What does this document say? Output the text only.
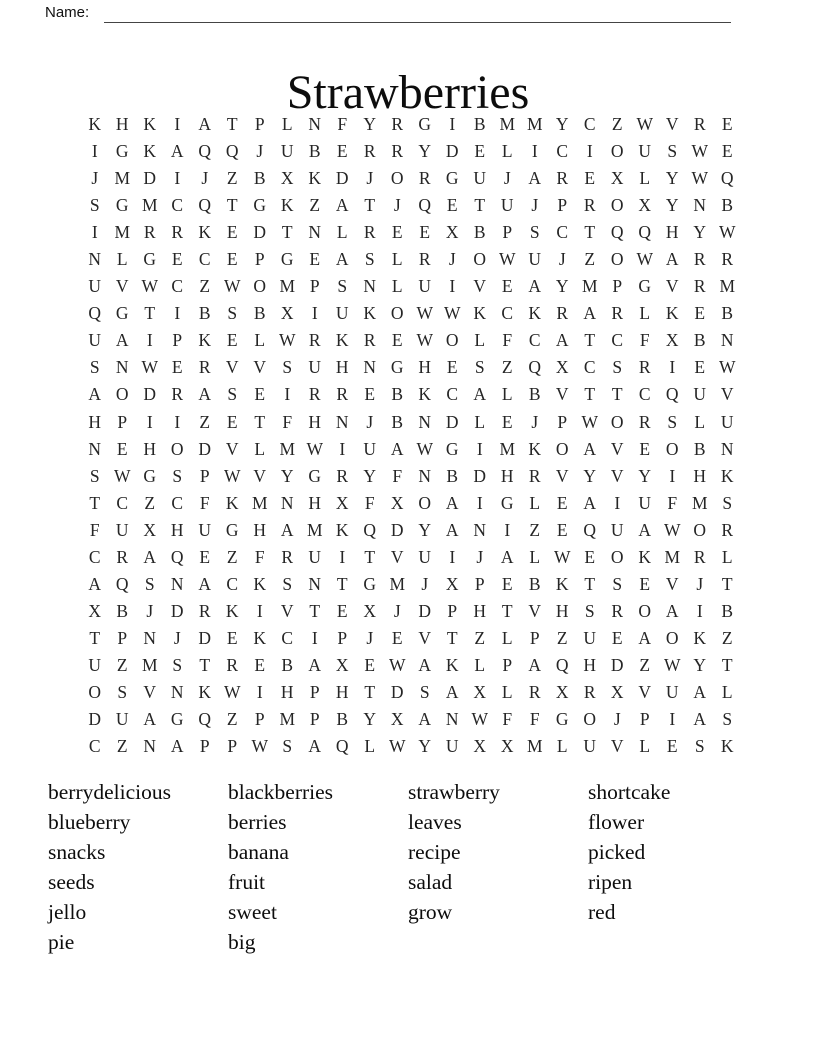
Name:
Strawberries
K H K	I	A T P L N F Y R G	I	B M M Y C Z W V R E
I	G K A Q Q	J	U B E R R Y D E L	I	C	I	O U S W E
J M D	I	J	Z B X K D	J	O R G U	J	A R E X L Y W Q
S G M C Q T G K Z A T	J	Q E T U	J	P R O X Y N B
I M R R K E D T N L R E E X B P	S C T Q Q H Y W
N L G E C E P G E A S L R	J	O W U	J	Z O W A R R
U V W C Z W O M P	S N L U	I	V E A Y M P G V R M
Q G T	I	B S B X	I	U K O W W K C K R A R L K E B
U A	I	P K E L W R K R E W O L F C A T C F X B N
S N W E R V V S U H N G H E S Z Q X C S R	I	E W
A O D R A S E	I	R R E B K C A L B V T T C Q U V
H P	I	I	Z E T F H N	J	B N D L E	J	P W O R S L U
N E H O D V L M W I	U A W G	I M K O A V E O B N
S W G S	P W V Y G R Y F N B D H R V Y V Y	I	H K
T C Z C F K M N H X F X O A	I	G L E A	I	U F M S
F U X H U G H A M K Q D Y A N	I	Z E Q U A W O R
C R A Q E Z F R U	I	T V U	I	J	A L W E O K M R L
A Q S N A C K S N T G M J	X P E B K T S E V	J	T
X B	J	D R K	I	V T E X	J	D P H T V H S R O A	I	B
T P N	J	D E K C	I	P	J	E V T Z L P Z U E A O K Z
U Z M S T R E B A X E W A K L P A Q H D Z W Y T
O S V N K W I	H P H T D S A X L R X R X V U A L
D U A G Q Z P M P B Y X A N W F	F G O	J	P	I	A S
C Z N A P	P W S A Q L W Y U X X M L U V L E S K
berrydelicious
blueberry
snacks
seeds
jello
pie
blackberries
berries
banana
fruit
sweet
big
strawberry
leaves
recipe
salad
grow
shortcake
flower
picked
ripen
red
